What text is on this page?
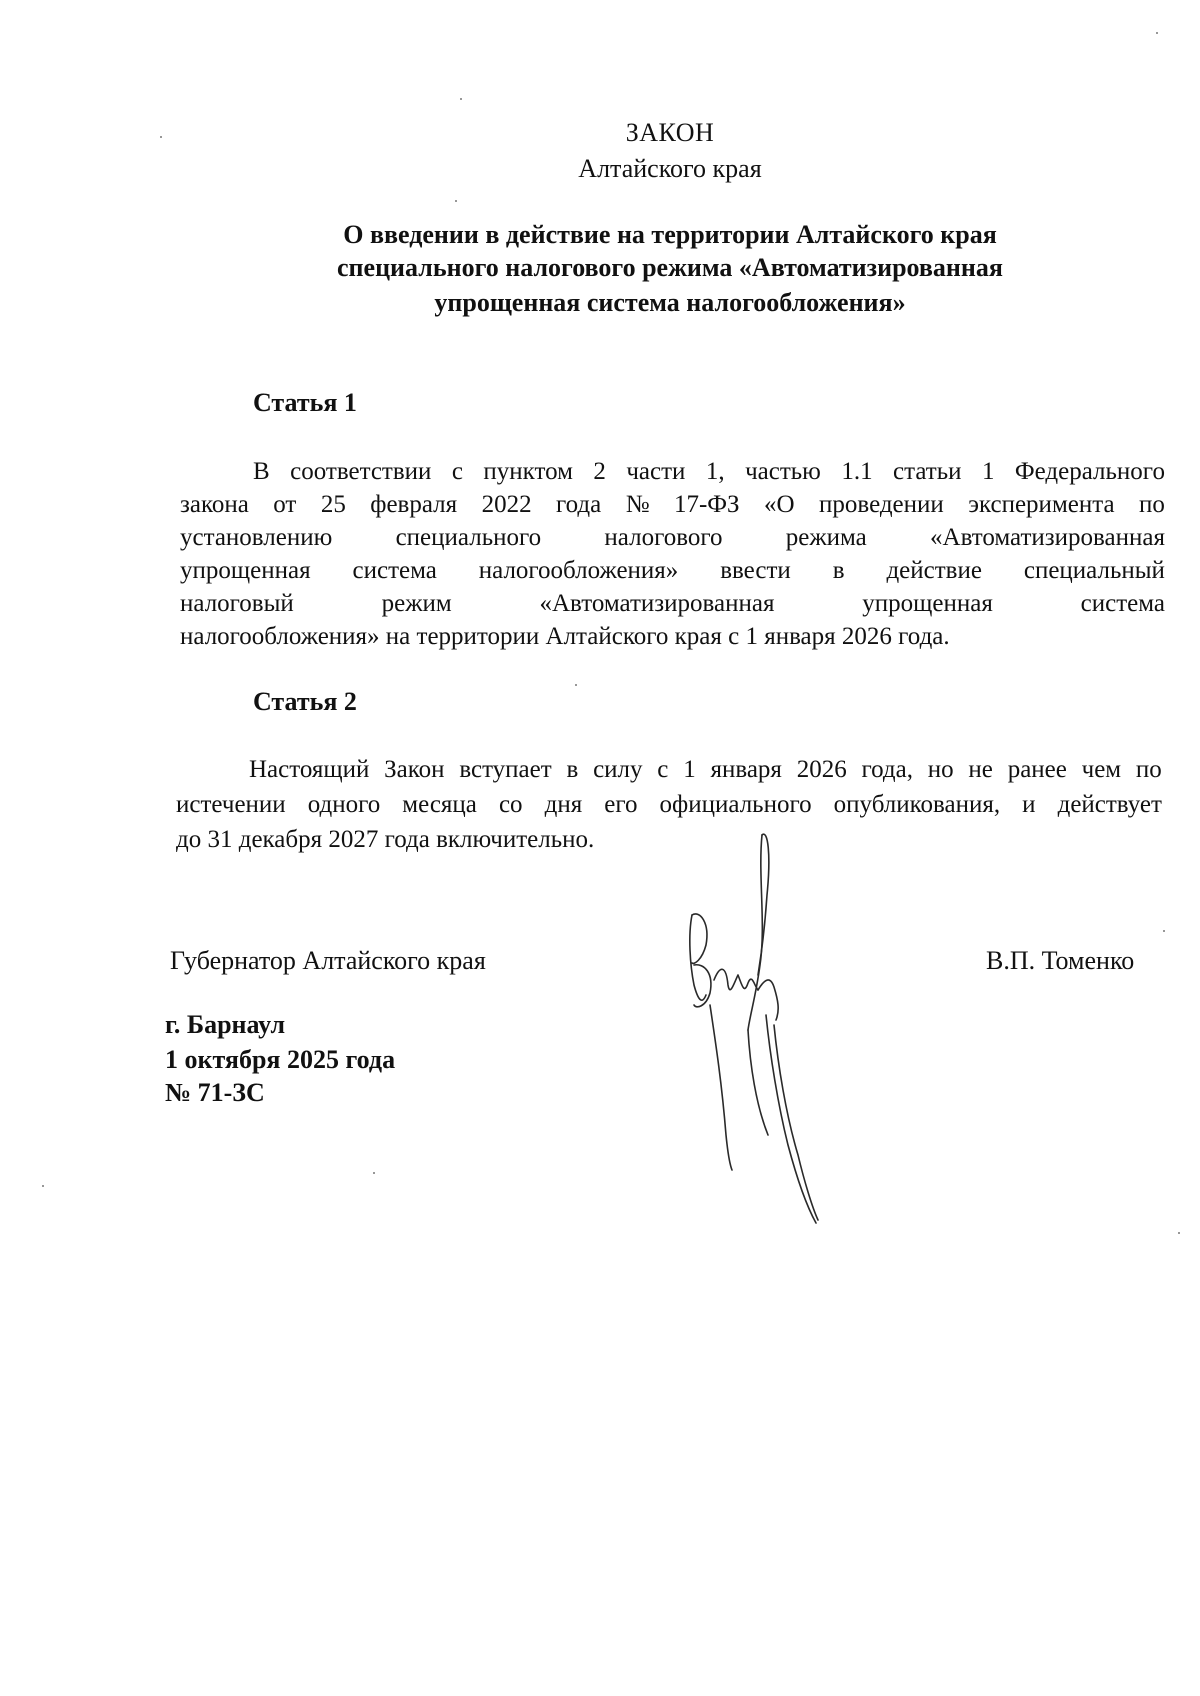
ЗАКОН
Алтайского края
О введении в действие на территории Алтайского края
специального налогового режима «Автоматизированная
упрощенная система налогообложения»
Статья 1
В соответствии с пунктом 2 части 1, частью 1.1 статьи 1 Федерального
закона от 25 февраля 2022 года № 17-ФЗ «О проведении эксперимента по
установлению	специального	налогового	режима	«Автоматизированная
упрощенная система налогообложения» ввести в действие специальный
налоговый	режим	«Автоматизированная	упрощенная	система
налогообложения» на территории Алтайского края с 1 января 2026 года.
Статья 2
Настоящий Закон вступает в силу с 1 января 2026 года, но не ранее чем по
истечении одного месяца со дня его официального опубликования, и действует
до 31 декабря 2027 года включительно.
Губернатор Алтайского края	В.П. Томенко
г. Барнаул
1 октября 2025 года
№ 71-ЗС
